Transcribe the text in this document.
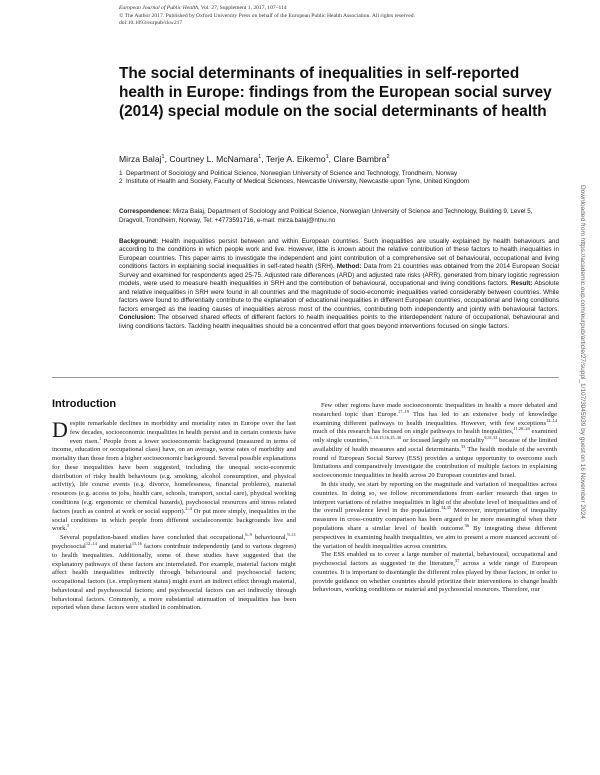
European Journal of Public Health, Vol. 27, Supplement 1, 2017, 107–114
© The Author 2017. Published by Oxford University Press on behalf of the European Public Health Association. All rights reserved.
doi:10.1093/eurpub/ckw217
The social determinants of inequalities in self-reported health in Europe: findings from the European social survey (2014) special module on the social determinants of health
Mirza Balaj$^1$, Courtney L. McNamara$^1$, Terje A. Eikemo$^1$, Clare Bambra$^2$
1 Department of Sociology and Political Science, Norwegian University of Science and Technology, Trondheim, Norway
2 Institute of Health and Society, Faculty of Medical Sciences, Newcastle University, Newcastle upon Tyne, United Kingdom
Correspondence: Mirza Balaj, Department of Sociology and Political Science, Norwegian University of Science and Technology, Building 9, Level 5, Dragvoll, Trondheim, Norway, Tel: +4773591716, e-mail: mirza.balaj@ntnu.no
Background: Health inequalities persist between and within European countries. Such inequalities are usually explained by health behaviours and according to the conditions in which people work and live. However, little is known about the relative contribution of these factors to health inequalities in European countries. This paper aims to investigate the independent and joint contribution of a comprehensive set of behavioural, occupational and living conditions factors in explaining social inequalities in self-rated health (SRH). Method: Data from 21 countries was obtained from the 2014 European Social Survey and examined for respondents aged 25-75. Adjusted rate differences (ARD) and adjusted rate risks (ARR), generated from binary logistic regression models, were used to measure health inequalities in SRH and the contribution of behavioural, occupational and living conditions factors. Result: Absolute and relative inequalities in SRH were found in all countries and the magnitude of socio-economic inequalities varied considerably between countries. While factors were found to differentially contribute to the explanation of educational inequalities in different European countries, occupational and living conditions factors emerged as the leading causes of inequalities across most of the countries, contributing both independently and jointly with behavioural factors. Conclusion: The observed shared effects of different factors to health inequalities points to the interdependent nature of occupational, behavioural and living conditions factors. Tackling health inequalities should be a concentred effort that goes beyond interventions focused on single factors.
Introduction

Despite remarkable declines in morbidity and mortality rates in Europe over the last few decades, socioeconomic inequalities in health persist and in certain contexts have even risen.$^1$ People from a lower socioeconomic background (measured in terms of income, education or occupational class) have, on an average, worse rates of morbidity and mortality than those from a higher socioeconomic background. Several possible explanations for these inequalities have been suggested, including the unequal socio-economic distribution of risky health behaviours (e.g. smoking, alcohol consumption, and physical activity), life course events (e.g. divorce, homelessness, financial problems), material resources (e.g. access to jobs, health care, schools, transport, social care), physical working conditions (e.g. ergonomic or chemical hazards), psychosocial resources and stress related factors (such as control at work or social support).$^{2-4}$ Or put more simply, inequalities in the social conditions in which people from different socialeconomic backgrounds live and work.$^5$

Several population-based studies have concluded that occupational,$^{6-9}$ behavioural,$^{9-11}$ psychosocial$^{12-14}$ and material$^{15,16}$ factors contribute independently (and to various degrees) to health inequalities. Additionally, some of these studies have suggested that the explanatory pathways of these factors are interrelated. For example, material factors might affect health inequalities indirectly through behavioural and psychosocial factors; occupational factors (i.e. employment status) might exert an indirect effect through material, behavioural and psychosocial factors; and psychosocial factors can act indirectly through behavioural factors. Commonly, a more substantial attenuation of inequalities has been reported when these factors were studied in combination.

Few other regions have made socioeconomic inequalities in health a more debated and researched topic than Europe.$^{17-19}$ This has led to an extensive body of knowledge examining different pathways to health inequalities. However, with few exceptions$^{12-14}$ much of this research has focused on single pathways to health inequalities,$^{11,20-24}$ examined only single countries,$^{6-10,15,16,25-30}$ or focused largely on mortality$^{9,31,32}$ because of the limited availability of health measures and social determinants.$^{33}$ The health module of the seventh round of European Social Survey (ESS) provides a unique opportunity to overcome such limitations and comparatively investigate the contribution of multiple factors in explaining socioeconomic inequalities in health across 20 European countries and Israel.

In this study, we start by reporting on the magnitude and variation of inequalities across countries. In doing so, we follow recommendations from earlier research that urges to interpret variations of relative inequalities in light of the absolute level of inequalities and of the overall prevalence level in the population.$^{34,35}$ Moreover, interpretation of inequality measures in cross-country comparison has been argued to be more meaningful when their populations share a similar level of health outcome.$^{36}$ By integrating these different perspectives in examining health inequalities, we aim to present a more nuanced account of the variation of health inequalities across countries.

The ESS enabled us to cover a large number of material, behavioural, occupational and psychosocial factors as suggested in the literature,$^{37}$ across a wide range of European countries. It is important to disentangle the different roles played by these factors, in order to provide guidance on whether countries should prioritize their interventions to change health behaviours, working conditions or material and psychosocial resources. Therefore, our

Downloaded from https://academic.oup.com/eurpub/article/27/suppl_1/107/3045939 by guest on 16 November 2024
